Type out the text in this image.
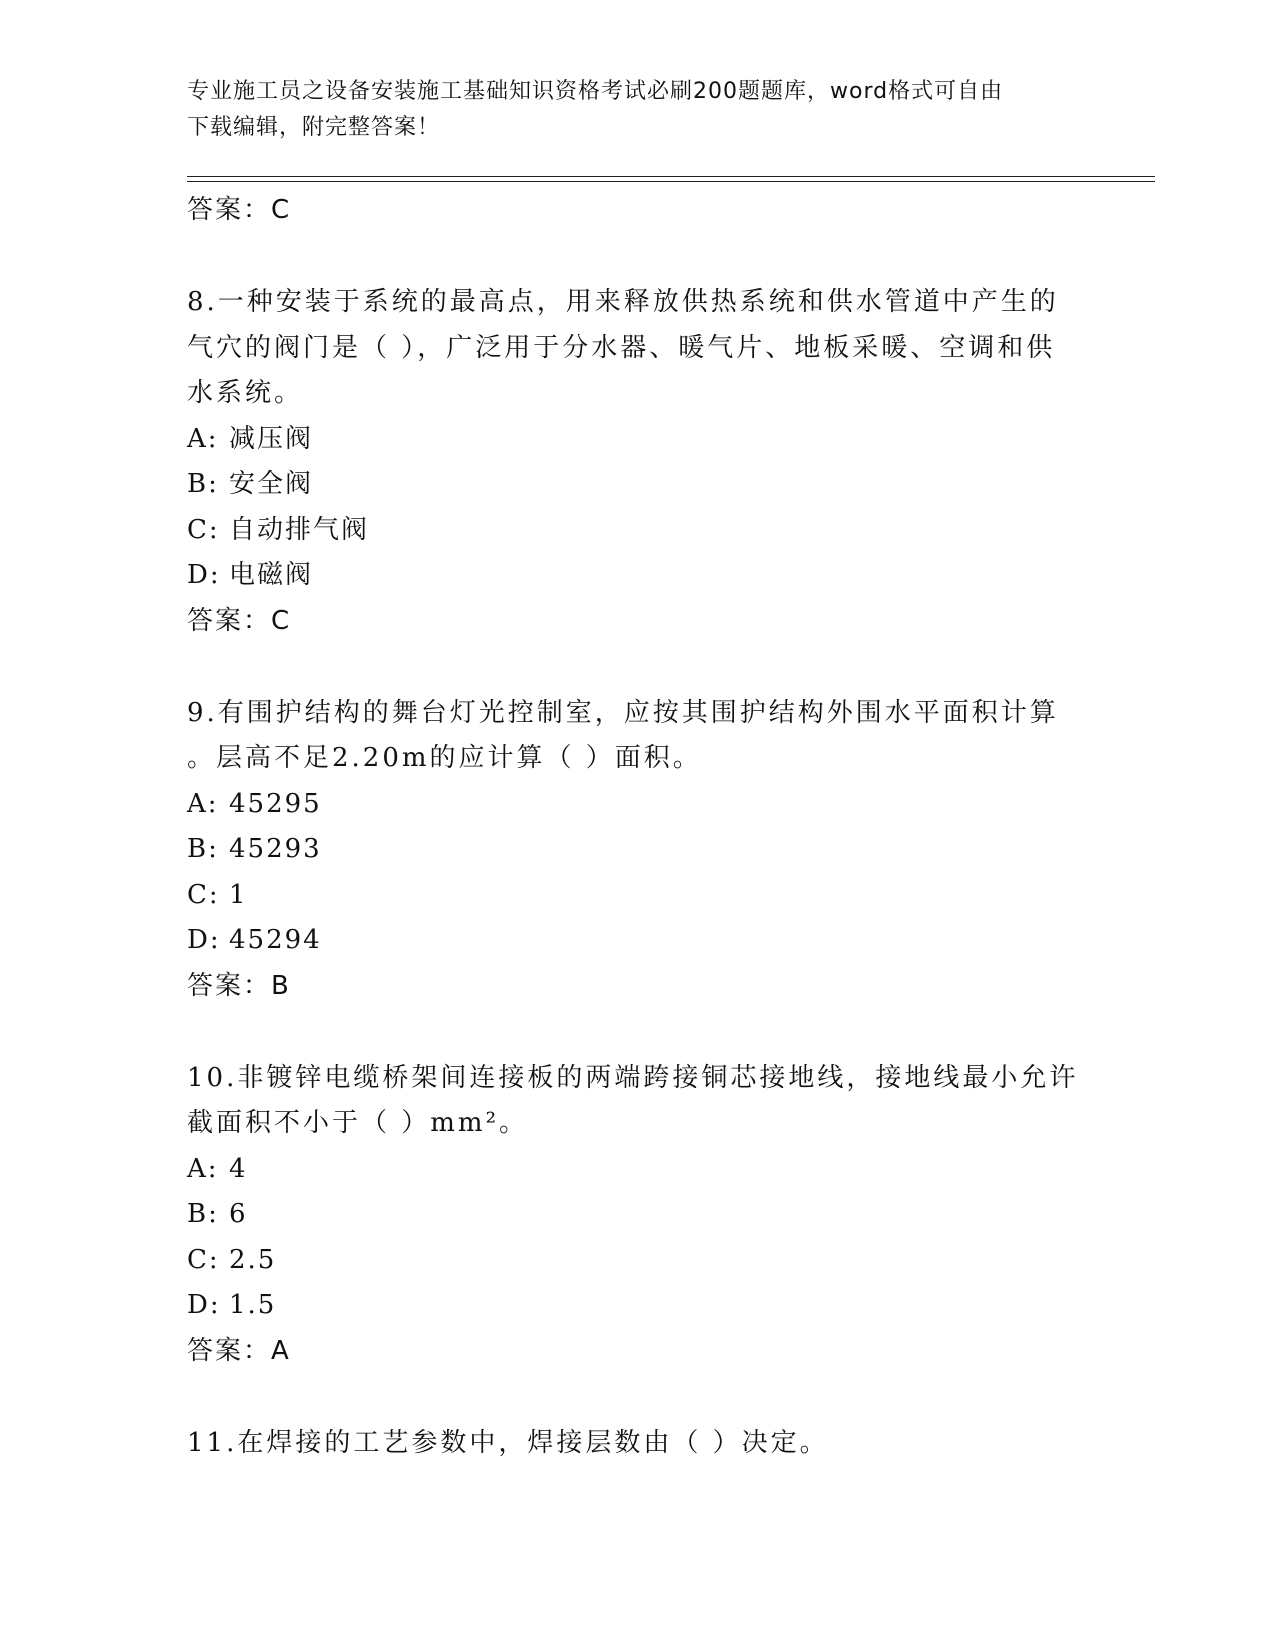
专业施工员之设备安装施工基础知识资格考试必刷200题题库，word格式可自由
下载编辑，附完整答案！
答案：C
8.一种安装于系统的最高点，用来释放供热系统和供水管道中产生的
气穴的阀门是（ ），广泛用于分水器、暖气片、地板采暖、空调和供
水系统。
A: 减压阀
B: 安全阀
C: 自动排气阀
D: 电磁阀
答案：C
9.有围护结构的舞台灯光控制室，应按其围护结构外围水平面积计算
。层高不足2.20m的应计算（ ）面积。
A: 45295
B: 45293
C: 1
D: 45294
答案：B
10.非镀锌电缆桥架间连接板的两端跨接铜芯接地线，接地线最小允许
截面积不小于（ ）mm²。
A: 4
B: 6
C: 2.5
D: 1.5
答案：A
11.在焊接的工艺参数中，焊接层数由（ ）决定。
